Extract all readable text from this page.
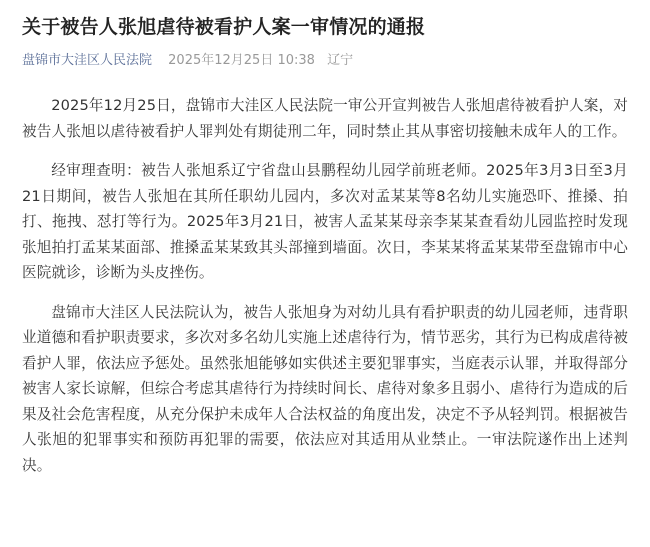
关于被告人张旭虐待被看护人案一审情况的通报
盘锦市大洼区人民法院 2025年12月25日 10:38 辽宁

2025年12月25日，盘锦市大洼区人民法院一审公开宣判被告人张旭虐待被看护人案，对被告人张旭以虐待被看护人罪判处有期徒刑二年，同时禁止其从事密切接触未成年人的工作。

经审理查明：被告人张旭系辽宁省盘山县鹏程幼儿园学前班老师。2025年3月3日至3月21日期间，被告人张旭在其所任职幼儿园内，多次对孟某某等8名幼儿实施恐吓、推搡、拍打、拖拽、怼打等行为。2025年3月21日，被害人孟某某母亲李某某查看幼儿园监控时发现张旭拍打孟某某面部、推搡孟某某致其头部撞到墙面。次日，李某某将孟某某带至盘锦市中心医院就诊，诊断为头皮挫伤。

盘锦市大洼区人民法院认为，被告人张旭身为对幼儿具有看护职责的幼儿园老师，违背职业道德和看护职责要求，多次对多名幼儿实施上述虐待行为，情节恶劣，其行为已构成虐待被看护人罪，依法应予惩处。虽然张旭能够如实供述主要犯罪事实，当庭表示认罪，并取得部分被害人家长谅解，但综合考虑其虐待行为持续时间长、虐待对象多且弱小、虐待行为造成的后果及社会危害程度，从充分保护未成年人合法权益的角度出发，决定不予从轻判罚。根据被告人张旭的犯罪事实和预防再犯罪的需要，依法应对其适用从业禁止。一审法院遂作出上述判决。
